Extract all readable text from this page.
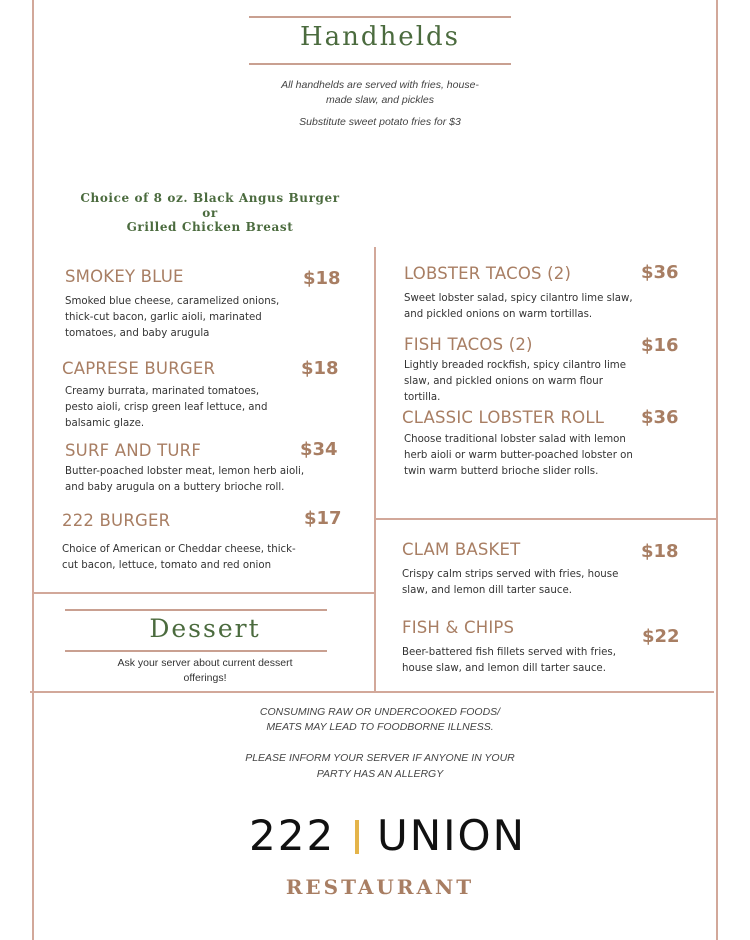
Handhelds
All handhelds are served with fries, house-
made slaw, and pickles
Substitute sweet potato fries for $3
Choice of 8 oz. Black Angus Burger
or
Grilled Chicken Breast
SMOKEY BLUE	$18
Smoked blue cheese, caramelized onions, thick-cut bacon, garlic aioli, marinated tomatoes, and baby arugula
CAPRESE BURGER	$18
Creamy burrata, marinated tomatoes, pesto aioli, crisp green leaf lettuce, and balsamic glaze.
SURF AND TURF	$34
Butter-poached lobster meat, lemon herb aioli, and baby arugula on a buttery brioche roll.
222 BURGER	$17
Choice of American or Cheddar cheese, thick-cut bacon, lettuce, tomato and red onion
LOBSTER TACOS (2)	$36
Sweet lobster salad, spicy cilantro lime slaw, and pickled onions on warm tortillas.
FISH TACOS (2)	$16
Lightly breaded rockfish, spicy cilantro lime slaw, and pickled onions on warm flour tortilla.
CLASSIC LOBSTER ROLL $36
Choose traditional lobster salad with lemon herb aioli or warm butter-poached lobster on twin warm butterd brioche slider rolls.
CLAM BASKET	$18
Crispy calm strips served with fries, house slaw, and lemon dill tarter sauce.
FISH & CHIPS	$22
Beer-battered fish fillets served with fries, house slaw, and lemon dill tarter sauce.
Dessert
Ask your server about current dessert
offerings!
CONSUMING RAW OR UNDERCOOKED FOODS/
MEATS MAY LEAD TO FOODBORNE ILLNESS.
PLEASE INFORM YOUR SERVER IF ANYONE IN YOUR
PARTY HAS AN ALLERGY
222 UNION
RESTAURANT
